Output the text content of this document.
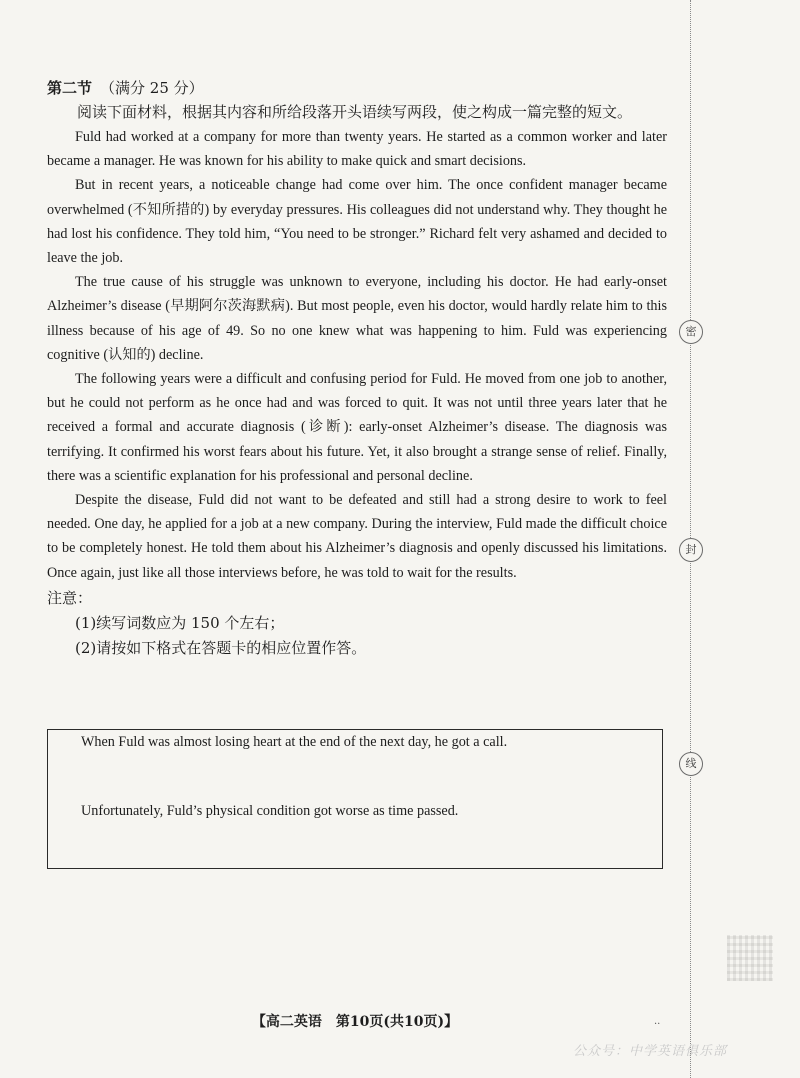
密
封
线
第二节 （满分 25 分）

阅读下面材料，根据其内容和所给段落开头语续写两段，使之构成一篇完整的短文。

Fuld had worked at a company for more than twenty years. He started as a common worker and later became a manager. He was known for his ability to make quick and smart decisions.

But in recent years, a noticeable change had come over him. The once confident manager became overwhelmed (不知所措的) by everyday pressures. His colleagues did not understand why. They thought he had lost his confidence. They told him, “You need to be stronger.” Richard felt very ashamed and decided to leave the job.

The true cause of his struggle was unknown to everyone, including his doctor. He had early-onset Alzheimer’s disease (早期阿尔茨海默病). But most people, even his doctor, would hardly relate him to this illness because of his age of 49. So no one knew what was happening to him. Fuld was experiencing cognitive (认知的) decline.

The following years were a difficult and confusing period for Fuld. He moved from one job to another, but he could not perform as he once had and was forced to quit. It was not until three years later that he received a formal and accurate diagnosis (诊断): early-onset Alzheimer’s disease. The diagnosis was terrifying. It confirmed his worst fears about his future. Yet, it also brought a strange sense of relief. Finally, there was a scientific explanation for his professional and personal decline.

Despite the disease, Fuld did not want to be defeated and still had a strong desire to work to feel needed. One day, he applied for a job at a new company. During the interview, Fuld made the difficult choice to be completely honest. He told them about his Alzheimer’s diagnosis and openly discussed his limitations. Once again, just like all those interviews before, he was told to wait for the results.

注意：
(1)续写词数应为 150 个左右；
(2)请按如下格式在答题卡的相应位置作答。
When Fuld was almost losing heart at the end of the next day, he got a call.
Unfortunately, Fuld’s physical condition got worse as time passed.
【高二英语　第10页(共10页)】	..
公众号：中学英语俱乐部
